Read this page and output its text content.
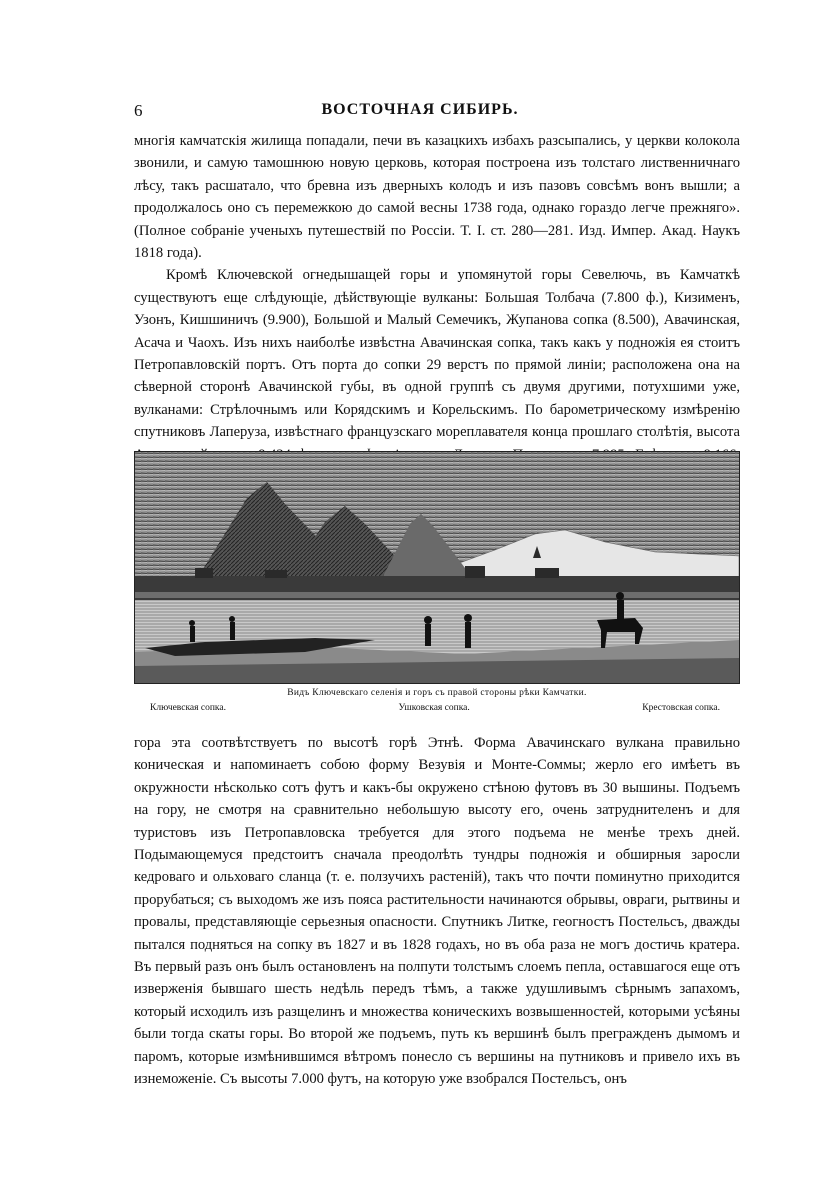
6	ВОСТОЧНАЯ СИБИРЬ.

многія камчатскія жилища попадали, печи въ казацкихъ избахъ разсыпались, у церкви колокола звонили, и самую тамошнюю новую церковь, которая построена изъ толстаго лиственничнаго лѣсу, такъ расшатало, что бревна изъ дверныхъ колодъ и изъ пазовъ совсѣмъ вонъ вышли; а продолжалось оно съ перемежкою до самой весны 1738 года, однако гораздо легче прежняго». (Полное собраніе ученыхъ путешествій по Россіи. Т. I. ст. 280—281. Изд. Импер. Акад. Наукъ 1818 года).

Кромѣ Ключевской огнедышащей горы и упомянутой горы Севелючь, въ Камчаткѣ существуютъ еще слѣдующіе, дѣйствующіе вулканы: Большая Толбача (7.800 ф.), Кизименъ, Узонъ, Кишшиничъ (9.900), Большой и Малый Семечикъ, Жупанова сопка (8.500), Авачинская, Асача и Чаохъ. Изъ нихъ наиболѣе извѣстна Авачинская сопка, такъ какъ у подножія ея стоитъ Петропавловскій портъ. Отъ порта до сопки 29 верстъ по прямой линіи; расположена она на сѣверной сторонѣ Авачинской губы, въ одной группѣ съ двумя другими, потухшими уже, вулканами: Стрѣлочнымъ или Корядскимъ и Корельскимъ. По барометрическому измѣренію спутниковъ Лаперуза, извѣстнаго французскаго мореплавателя конца прошлаго столѣтія, высота

Видъ Ключевскаго селенія и горъ съ правой стороны рѣки Камчатки.
Ключевская сопка.	Ушковская сопка.	Крестовская сопка.

гора эта соотвѣтствуетъ по высотѣ горѣ Этнѣ. Форма Авачинскаго вулкана правильно коническая и напоминаетъ собою форму Везувія и Монте-Соммы; жерло его имѣетъ въ окружности нѣсколько сотъ футъ и какъ-бы окружено стѣною футовъ въ 30 вышины. Подъемъ на гору, не смотря на сравнительно небольшую высоту его, очень затруднителенъ и для туристовъ изъ Петропавловска требуется для этого подъема не менѣе трехъ дней. Подымающемуся предстоитъ сначала преодолѣть тундры подножія и обширныя заросли кедроваго и ольховаго сланца (т. е. ползучихъ растеній), такъ что почти поминутно приходится прорубаться; съ выходомъ же изъ пояса растительности начинаются обрывы, овраги, рытвины и провалы, представляющіе серьезныя опасности. Спутникъ Литке, геогностъ Постельсъ, дважды пытался подняться на сопку въ 1827 и въ 1828 годахъ, но въ оба раза не могъ достичь кратера. Въ первый разъ онъ былъ остановленъ на полпути толстымъ слоемъ пепла, оставшагося еще отъ изверженія бывшаго шесть недѣль передъ тѣмъ, а также удушливымъ сѣрнымъ запахомъ, который исходилъ изъ разщелинъ и множества коническихъ возвышенностей, которыми усѣяны были тогда скаты горы. Во второй же подъемъ, путь къ вершинѣ былъ прегражденъ дымомъ и паромъ, которые измѣнившимся вѣтромъ понесло съ вершины на путниковъ и привело ихъ въ изнеможеніе. Съ высоты 7.000 футъ, на которую уже взобрался Постельсъ, онъ
